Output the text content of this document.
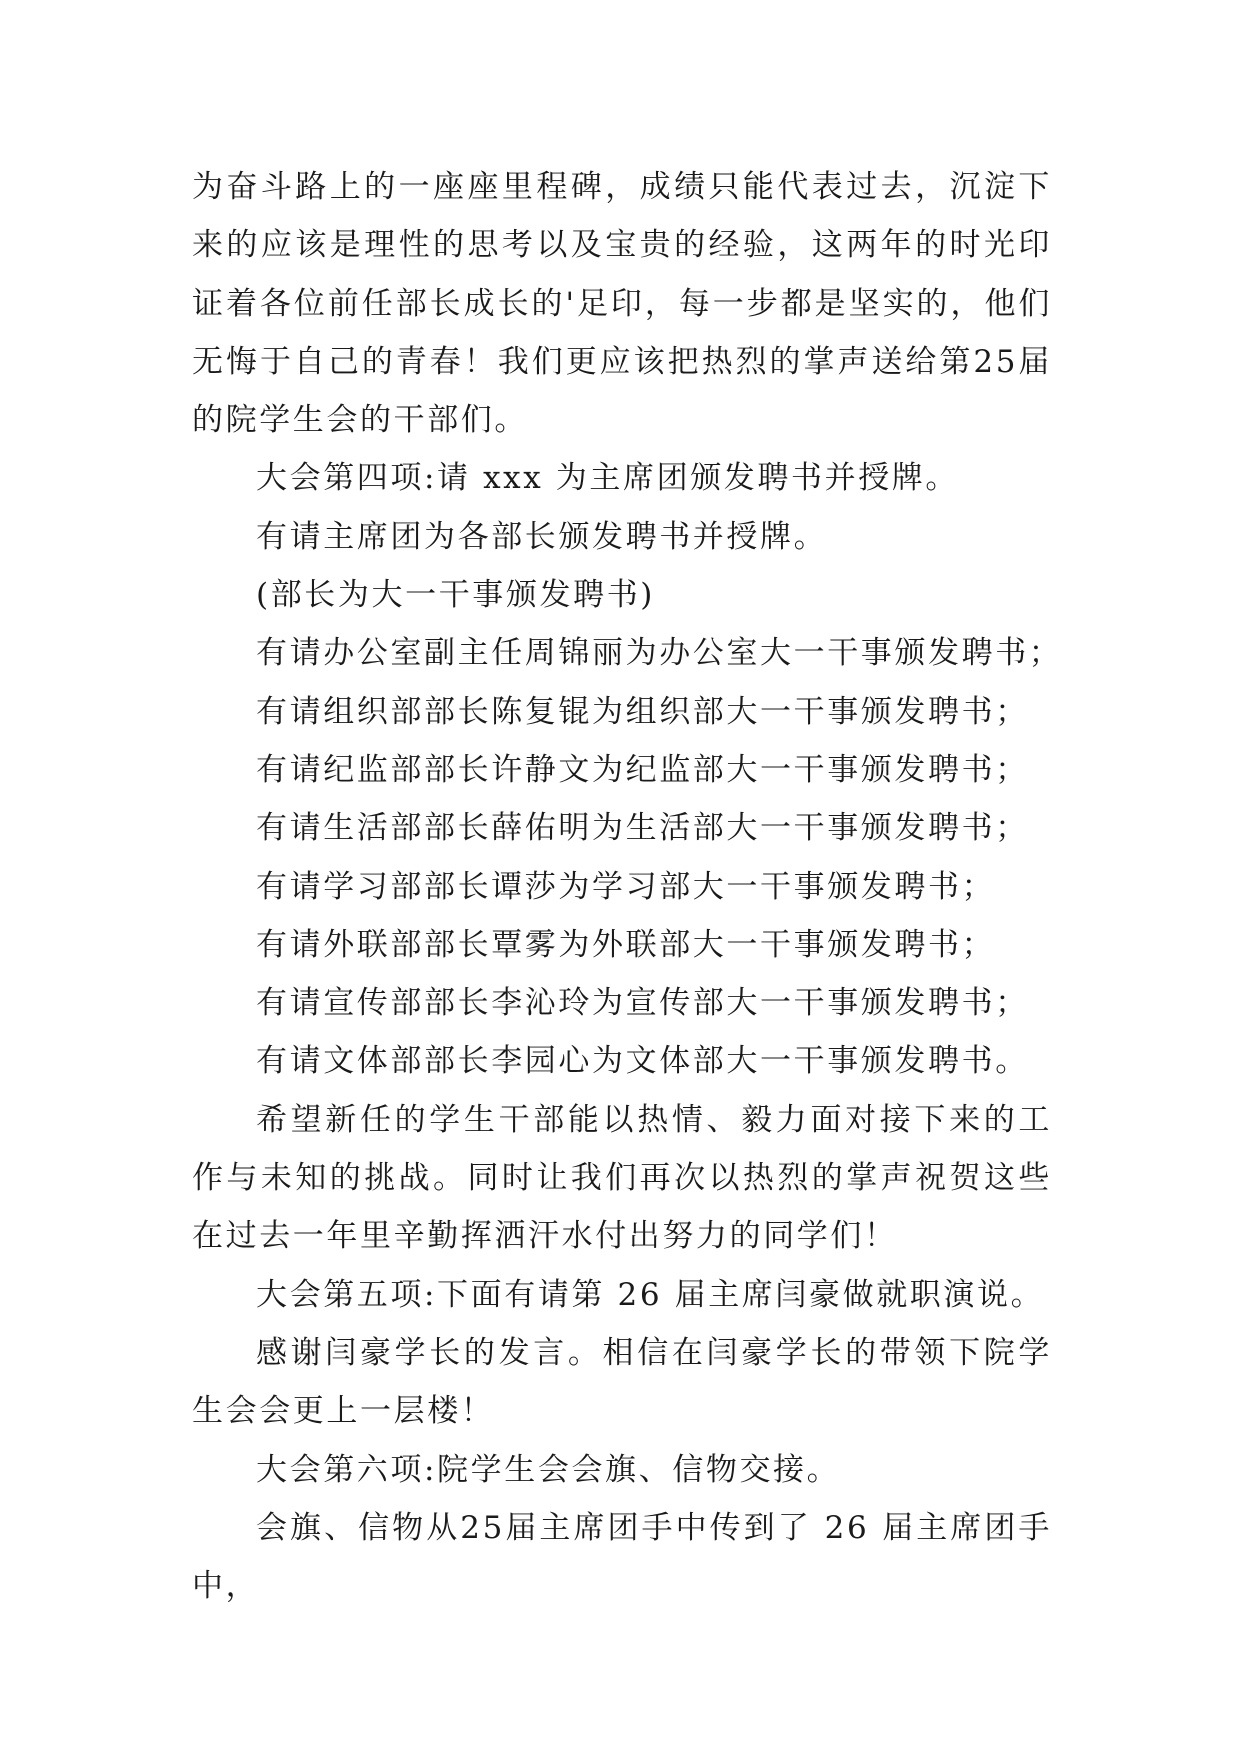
为奋斗路上的一座座里程碑，成绩只能代表过去，沉淀下来的应该是理性的思考以及宝贵的经验，这两年的时光印证着各位前任部长成长的'足印，每一步都是坚实的，他们无悔于自己的青春！我们更应该把热烈的掌声送给第25届的院学生会的干部们。

大会第四项:请 xxx 为主席团颁发聘书并授牌。

有请主席团为各部长颁发聘书并授牌。

(部长为大一干事颁发聘书)

有请办公室副主任周锦丽为办公室大一干事颁发聘书；

有请组织部部长陈复锟为组织部大一干事颁发聘书；

有请纪监部部长许静文为纪监部大一干事颁发聘书；

有请生活部部长薛佑明为生活部大一干事颁发聘书；

有请学习部部长谭莎为学习部大一干事颁发聘书；

有请外联部部长覃雾为外联部大一干事颁发聘书；

有请宣传部部长李沁玲为宣传部大一干事颁发聘书；

有请文体部部长李园心为文体部大一干事颁发聘书。

希望新任的学生干部能以热情、毅力面对接下来的工作与未知的挑战。同时让我们再次以热烈的掌声祝贺这些在过去一年里辛勤挥洒汗水付出努力的同学们！

大会第五项:下面有请第 26 届主席闫豪做就职演说。

感谢闫豪学长的发言。相信在闫豪学长的带领下院学生会会更上一层楼！

大会第六项:院学生会会旗、信物交接。

会旗、信物从25届主席团手中传到了 26 届主席团手中，
